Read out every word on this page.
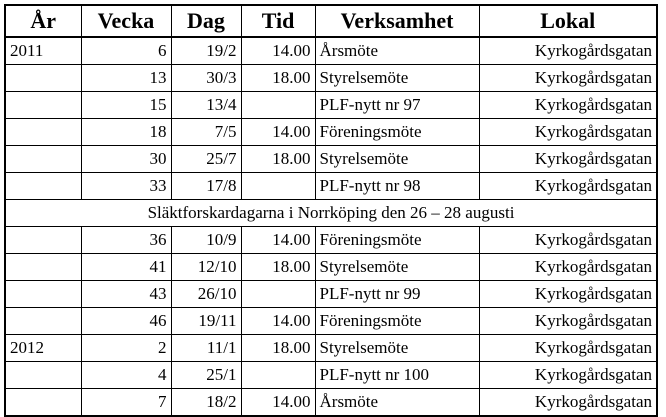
År	Vecka	Dag	Tid	Verksamhet	Lokal
2011	6	19/2	14.00	Årsmöte	Kyrkogårdsgatan
	13	30/3	18.00	Styrelsemöte	Kyrkogårdsgatan
	15	13/4		PLF-nytt nr 97	Kyrkogårdsgatan
	18	7/5	14.00	Föreningsmöte	Kyrkogårdsgatan
	30	25/7	18.00	Styrelsemöte	Kyrkogårdsgatan
	33	17/8		PLF-nytt nr 98	Kyrkogårdsgatan
Släktforskardagarna i Norrköping den 26 – 28 augusti					
	36	10/9	14.00	Föreningsmöte	Kyrkogårdsgatan
	41	12/10	18.00	Styrelsemöte	Kyrkogårdsgatan
	43	26/10		PLF-nytt nr 99	Kyrkogårdsgatan
	46	19/11	14.00	Föreningsmöte	Kyrkogårdsgatan
2012	2	11/1	18.00	Styrelsemöte	Kyrkogårdsgatan
	4	25/1		PLF-nytt nr 100	Kyrkogårdsgatan
	7	18/2	14.00	Årsmöte	Kyrkogårdsgatan
